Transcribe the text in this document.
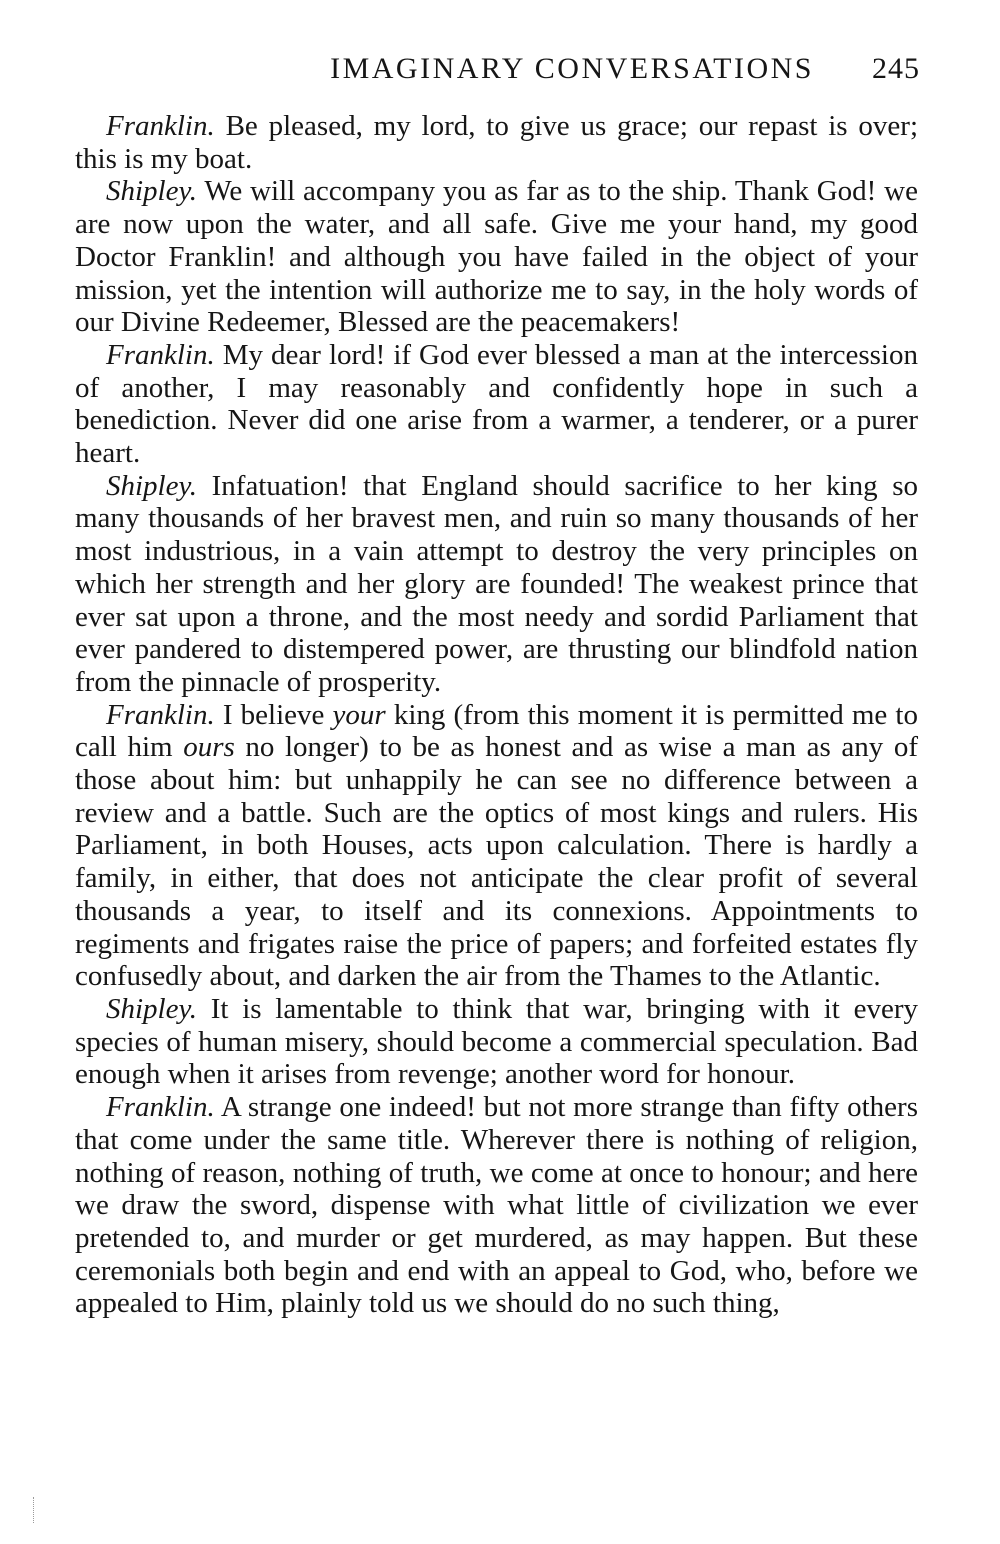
IMAGINARY CONVERSATIONS 245

Franklin. Be pleased, my lord, to give us grace; our repast is over; this is my boat.

Shipley. We will accompany you as far as to the ship. Thank God! we are now upon the water, and all safe. Give me your hand, my good Doctor Franklin! and although you have failed in the object of your mission, yet the intention will authorize me to say, in the holy words of our Divine Redeemer, Blessed are the peacemakers!

Franklin. My dear lord! if God ever blessed a man at the intercession of another, I may reasonably and confidently hope in such a benediction. Never did one arise from a warmer, a tenderer, or a purer heart.

Shipley. Infatuation! that England should sacrifice to her king so many thousands of her bravest men, and ruin so many thousands of her most industrious, in a vain attempt to destroy the very principles on which her strength and her glory are founded! The weakest prince that ever sat upon a throne, and the most needy and sordid Parliament that ever pandered to distempered power, are thrusting our blindfold nation from the pinnacle of prosperity.

Franklin. I believe your king (from this moment it is permitted me to call him ours no longer) to be as honest and as wise a man as any of those about him: but unhappily he can see no difference between a review and a battle. Such are the optics of most kings and rulers. His Parliament, in both Houses, acts upon calculation. There is hardly a family, in either, that does not anticipate the clear profit of several thousands a year, to itself and its connexions. Appointments to regiments and frigates raise the price of papers; and forfeited estates fly confusedly about, and darken the air from the Thames to the Atlantic.

Shipley. It is lamentable to think that war, bringing with it every species of human misery, should become a commercial speculation. Bad enough when it arises from revenge; another word for honour.

Franklin. A strange one indeed! but not more strange than fifty others that come under the same title. Wherever there is nothing of religion, nothing of reason, nothing of truth, we come at once to honour; and here we draw the sword, dispense with what little of civilization we ever pretended to, and murder or get murdered, as may happen. But these ceremonials both begin and end with an appeal to God, who, before we appealed to Him, plainly told us we should do no such thing,
